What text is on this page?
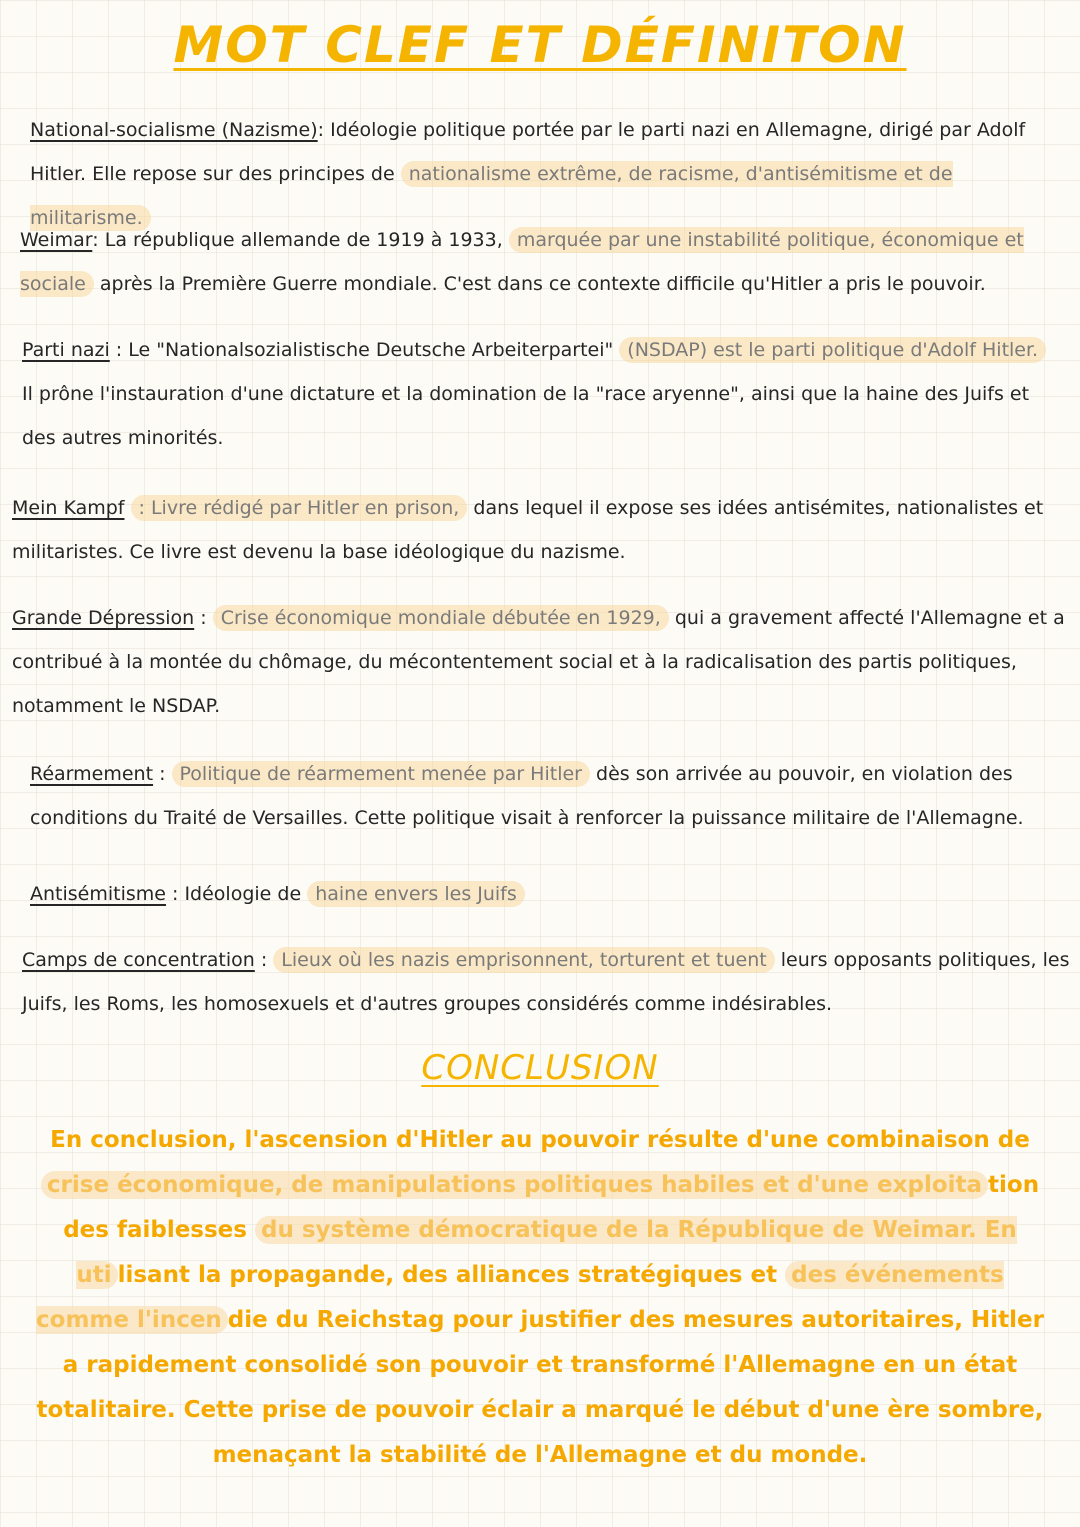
MOT CLEF ET DÉFINITON
National-socialisme (Nazisme): Idéologie politique portée par le parti nazi en Allemagne, dirigé par Adolf Hitler. Elle repose sur des principes de nationalisme extrême, de racisme, d'antisémitisme et de militarisme.
Weimar: La république allemande de 1919 à 1933, marquée par une instabilité politique, économique et sociale après la Première Guerre mondiale. C'est dans ce contexte difficile qu'Hitler a pris le pouvoir.
Parti nazi : Le "Nationalsozialistische Deutsche Arbeiterpartei" (NSDAP) est le parti politique d'Adolf Hitler. Il prône l'instauration d'une dictature et la domination de la "race aryenne", ainsi que la haine des Juifs et des autres minorités.
Mein Kampf : Livre rédigé par Hitler en prison, dans lequel il expose ses idées antisémites, nationalistes et militaristes. Ce livre est devenu la base idéologique du nazisme.
Grande Dépression : Crise économique mondiale débutée en 1929, qui a gravement affecté l'Allemagne et a contribué à la montée du chômage, du mécontentement social et à la radicalisation des partis politiques, notamment le NSDAP.
Réarmement : Politique de réarmement menée par Hitler dès son arrivée au pouvoir, en violation des conditions du Traité de Versailles. Cette politique visait à renforcer la puissance militaire de l'Allemagne.
Antisémitisme : Idéologie de haine envers les Juifs
Camps de concentration : Lieux où les nazis emprisonnent, torturent et tuent leurs opposants politiques, les Juifs, les Roms, les homosexuels et d'autres groupes considérés comme indésirables.
CONCLUSION
En conclusion, l'ascension d'Hitler au pouvoir résulte d'une combinaison de crise économique, de manipulations politiques habiles et d'une exploita tion des faiblesses du système démocratique de la République de Weimar. En uti lisant la propagande, des alliances stratégiques et des événements comme l'incen die du Reichstag pour justifier des mesures autoritaires, Hitler a rapidement consolidé son pouvoir et transformé l'Allemagne en un état totalitaire. Cette prise de pouvoir éclair a marqué le début d'une ère sombre, menaçant la stabilité de l'Allemagne et du monde.
